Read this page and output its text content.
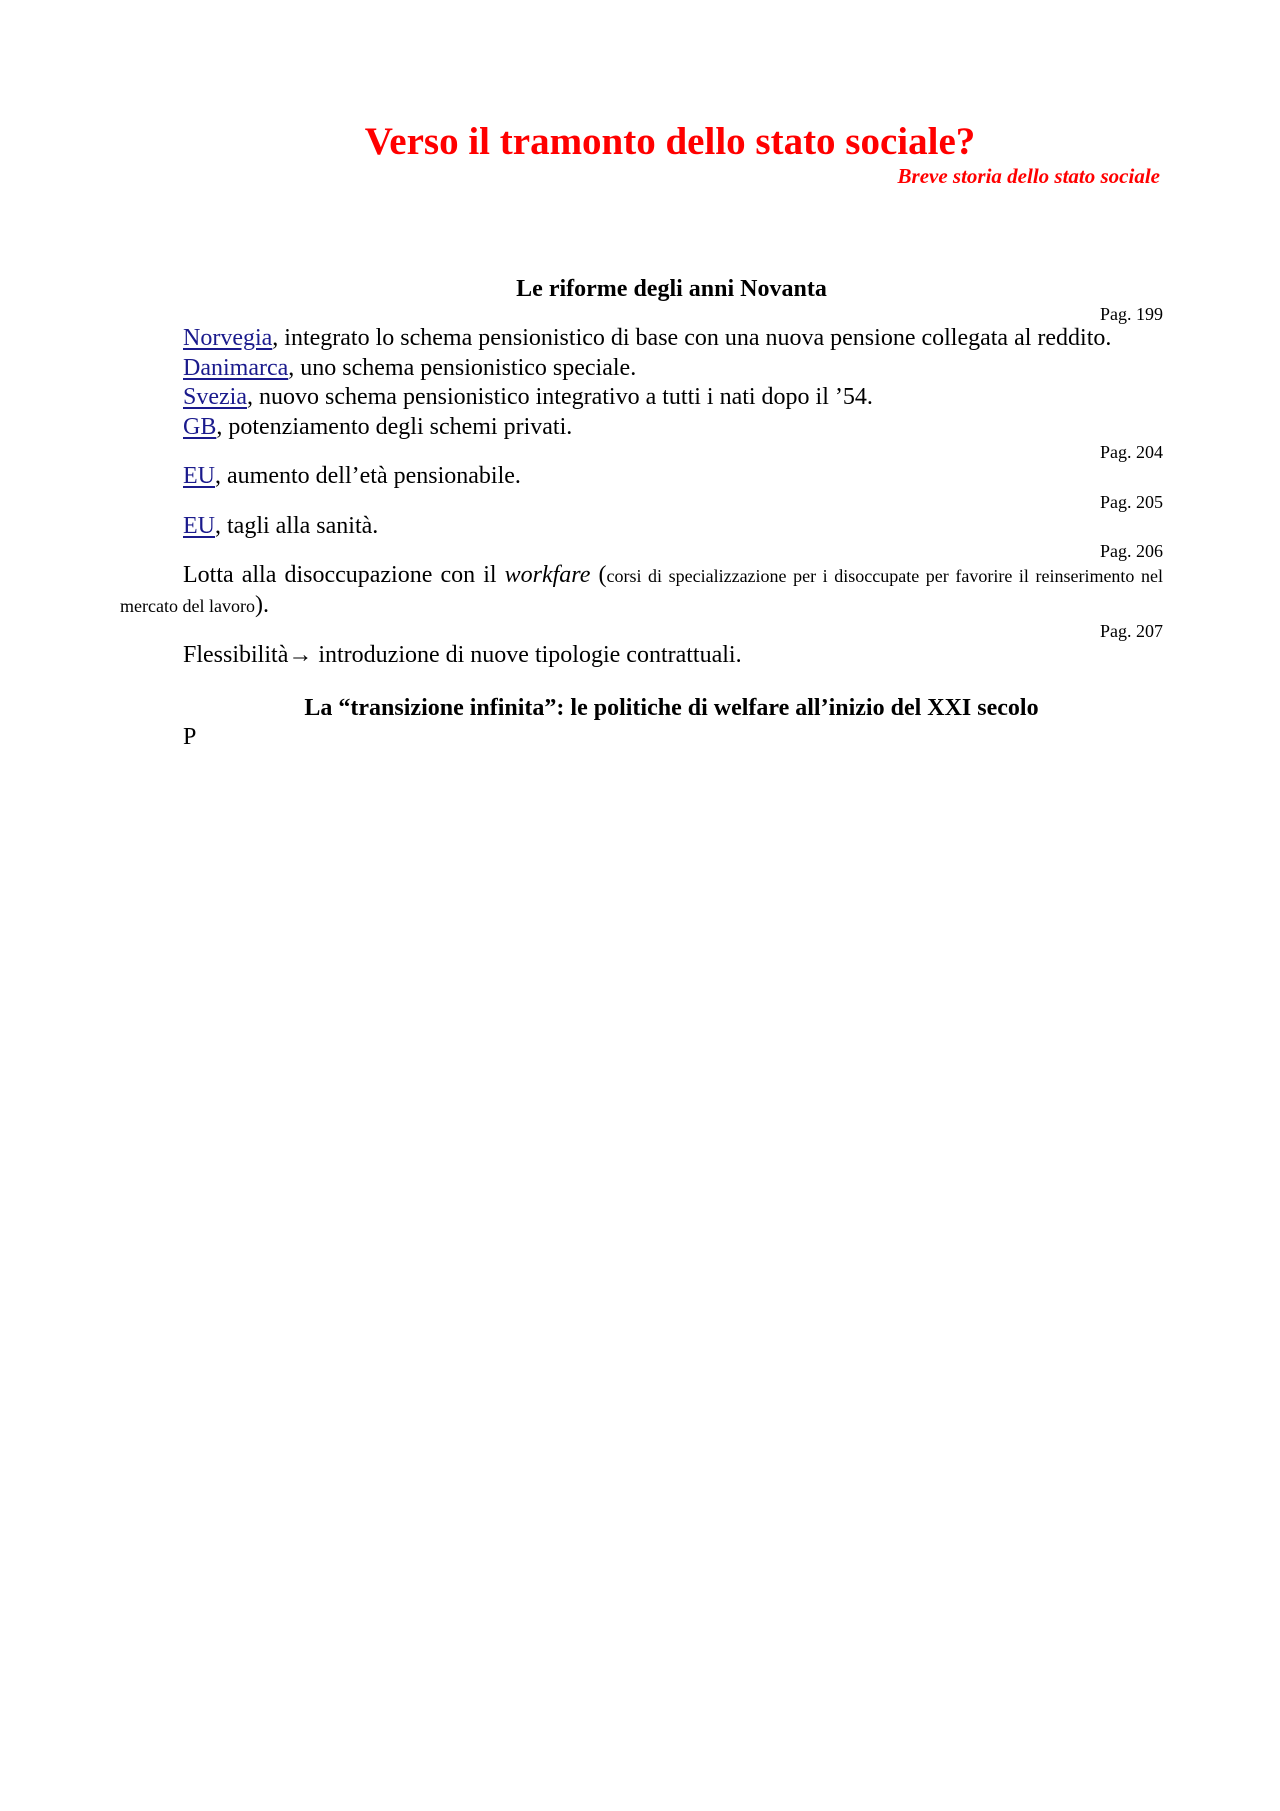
Verso il tramonto dello stato sociale?
Breve storia dello stato sociale
Le riforme degli anni Novanta
Pag. 199

Norvegia, integrato lo schema pensionistico di base con una nuova pensione collegata al reddito.

Danimarca, uno schema pensionistico speciale.

Svezia, nuovo schema pensionistico integrativo a tutti i nati dopo il ’54.

GB, potenziamento degli schemi privati.

Pag. 204

EU, aumento dell’età pensionabile.

Pag. 205

EU, tagli alla sanità.

Pag. 206

Lotta alla disoccupazione con il workfare (corsi di specializzazione per i disoccupate per favorire il reinserimento nel mercato del lavoro).

Pag. 207

Flessibilità→ introduzione di nuove tipologie contrattuali.

La “transizione infinita”: le politiche di welfare all’inizio del XXI secolo

P
